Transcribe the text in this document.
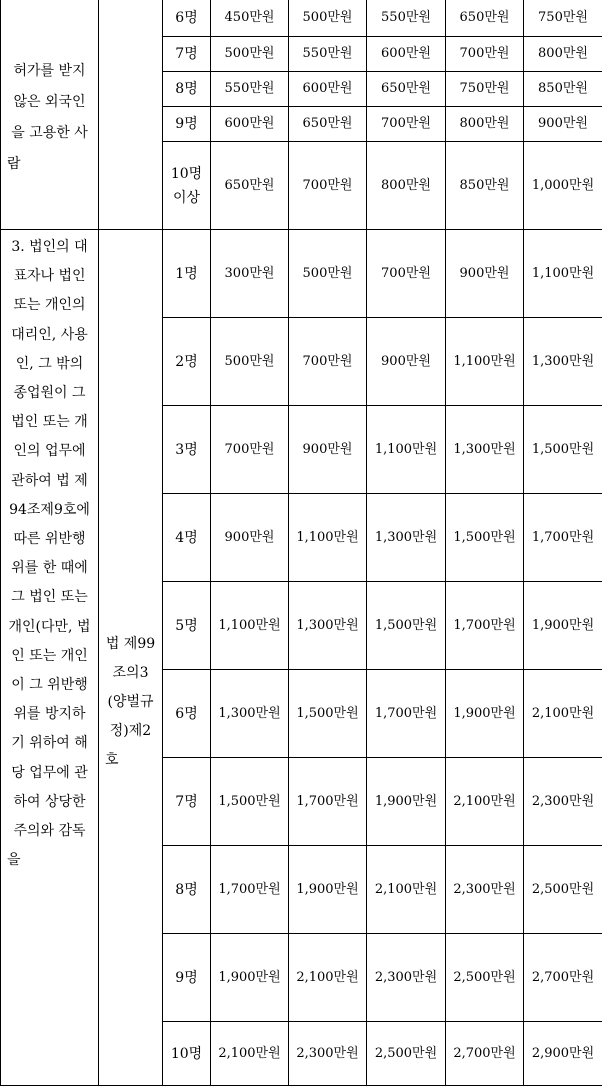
허가를 받지 않은 외국인을 고용한 사람		6명	450만원	500만원	550만원	650만원	750만원
		7명	500만원	550만원	600만원	700만원	800만원
		8명	550만원	600만원	650만원	750만원	850만원
		9명	600만원	650만원	700만원	800만원	900만원
		10명 이상	650만원	700만원	800만원	850만원	1,000만원
3. 법인의 대표자나 법인 또는 개인의 대리인, 사용인, 그 밖의 종업원이 그 법인 또는 개인의 업무에 관하여 법 제94조제9호에 따른 위반행위를 한 때에 그 법인 또는 개인(다만, 법인 또는 개인이 그 위반행위를 방지하기 위하여 해당 업무에 관하여 상당한 주의와 감독을	법 제99조의3(양벌규정)제2호	1명	300만원	500만원	700만원	900만원	1,100만원
		2명	500만원	700만원	900만원	1,100만원	1,300만원
		3명	700만원	900만원	1,100만원	1,300만원	1,500만원
		4명	900만원	1,100만원	1,300만원	1,500만원	1,700만원
		5명	1,100만원	1,300만원	1,500만원	1,700만원	1,900만원
		6명	1,300만원	1,500만원	1,700만원	1,900만원	2,100만원
		7명	1,500만원	1,700만원	1,900만원	2,100만원	2,300만원
		8명	1,700만원	1,900만원	2,100만원	2,300만원	2,500만원
		9명	1,900만원	2,100만원	2,300만원	2,500만원	2,700만원
		10명	2,100만원	2,300만원	2,500만원	2,700만원	2,900만원
